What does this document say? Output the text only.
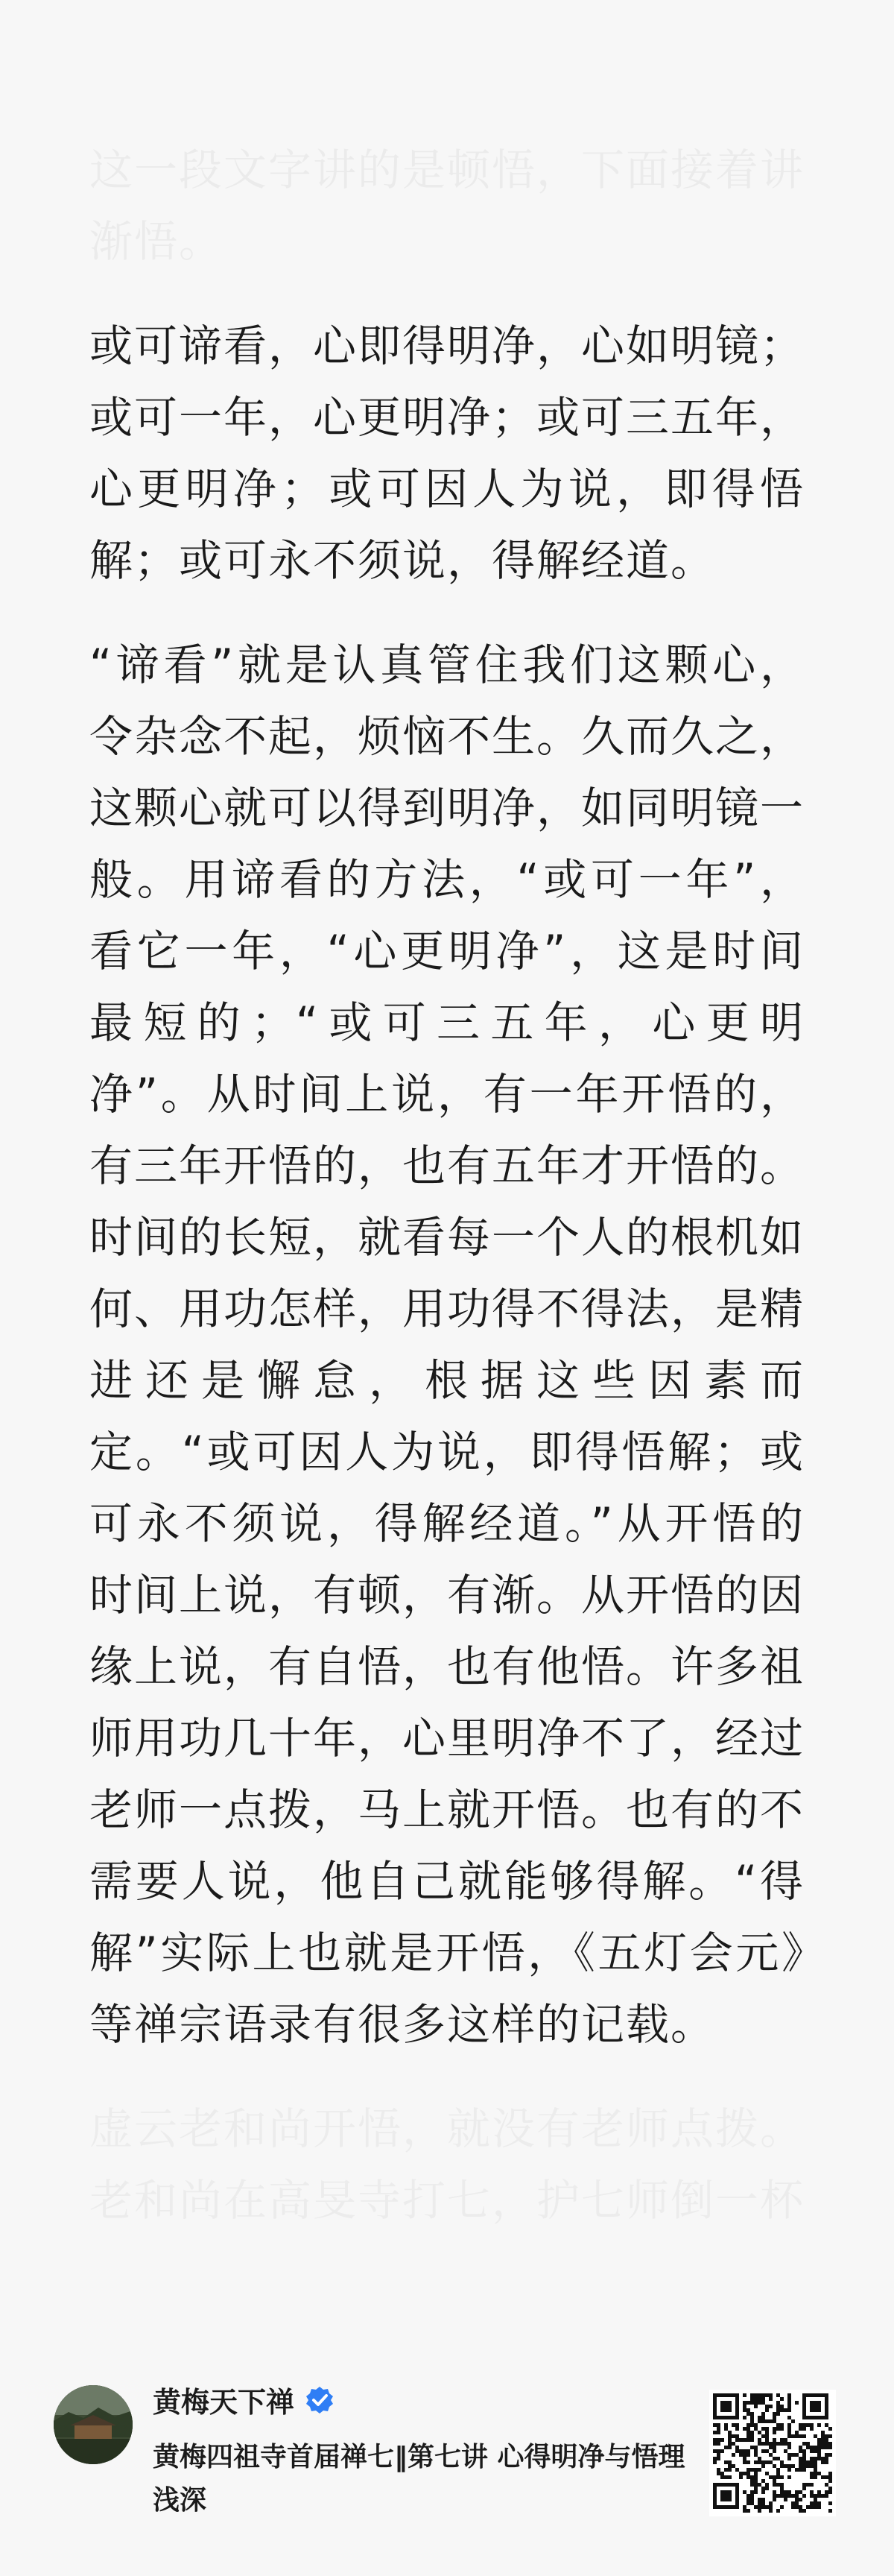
这一段文字讲的是顿悟，下面接着讲渐悟。

或可谛看，心即得明净，心如明镜；或可一年，心更明净；或可三五年，心更明净；或可因人为说，即得悟解；或可永不须说，得解经道。

“谛看”就是认真管住我们这颗心，令杂念不起，烦恼不生。久而久之，这颗心就可以得到明净，如同明镜一般。用谛看的方法，“或可一年”，看它一年，“心更明净”，这是时间最短的；“或可三五年，心更明净”。从时间上说，有一年开悟的，有三年开悟的，也有五年才开悟的。时间的长短，就看每一个人的根机如何、用功怎样，用功得不得法，是精进还是懈怠，根据这些因素而定。“或可因人为说，即得悟解；或可永不须说，得解经道。”从开悟的时间上说，有顿，有渐。从开悟的因缘上说，有自悟，也有他悟。许多祖师用功几十年，心里明净不了，经过老师一点拨，马上就开悟。也有的不需要人说，他自己就能够得解。“得解”实际上也就是开悟，《五灯会元》等禅宗语录有很多这样的记载。

虚云老和尚开悟，就没有老师点拨。老和尚在高旻寺打七，护七师倒一杯

黄梅天下禅
黄梅四祖寺首届禅七‖第七讲 心得明净与悟理浅深
